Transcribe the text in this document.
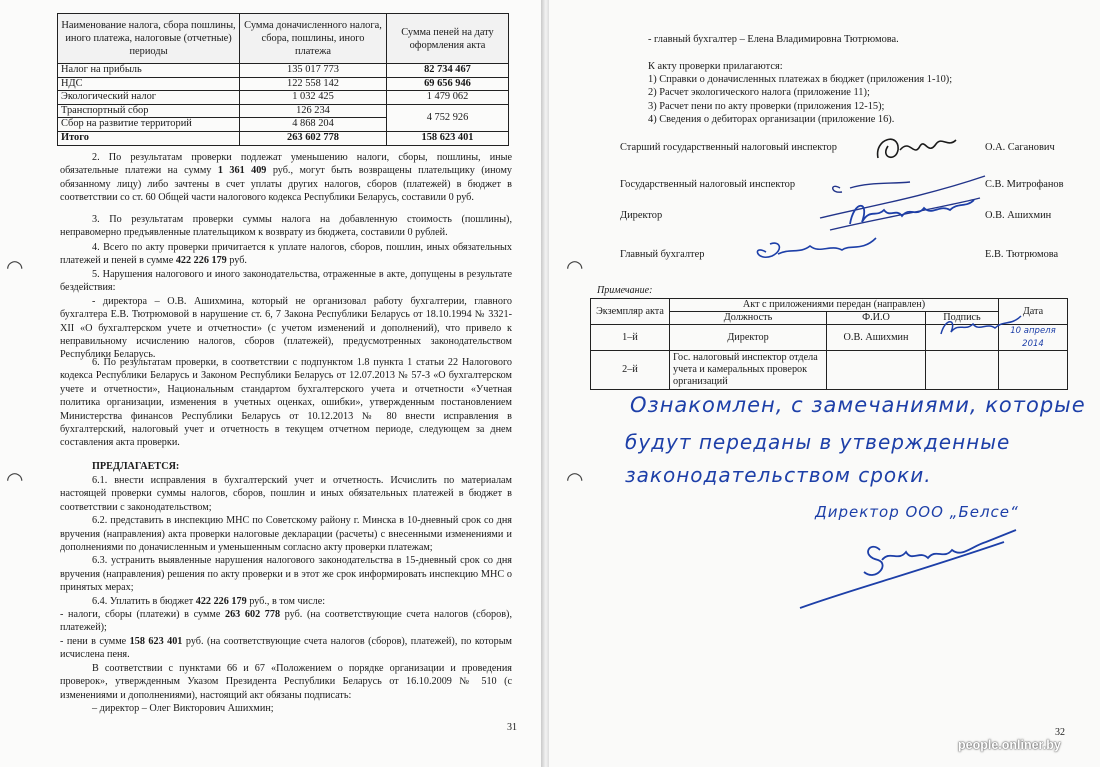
◠
◠
◠
◠
Наименование налога, сбора пошлины, иного платежа, налоговые (отчетные) периоды	Сумма доначисленного налога, сбора, пошлины, иного платежа	Сумма пеней на дату оформления акта
Налог на прибыль	135 017 773	82 734 467
НДС	122 558 142	69 656 946
Экологический налог	1 032 425	1 479 062
Транспортный сбор	126 234	4 752 926
Сбор на развитие территорий	4 868 204	
Итого	263 602 778	158 623 401

2. По результатам проверки подлежат уменьшению налоги, сборы, пошлины, иные обязательные платежи на сумму 1 361 409 руб., могут быть возвращены плательщику (иному обязанному лицу) либо зачтены в счет уплаты других налогов, сборов (платежей) в бюджет в соответствии со ст. 60 Общей части налогового кодекса Республики Беларусь, составили 0 руб.

3. По результатам проверки суммы налога на добавленную стоимость (пошлины), неправомерно предъявленные плательщиком к возврату из бюджета, составили 0 рублей.

4. Всего по акту проверки причитается к уплате налогов, сборов, пошлин, иных обязательных платежей и пеней в сумме 422 226 179 руб.

5. Нарушения налогового и иного законодательства, отраженные в акте, допущены в результате бездействия:

- директора – О.В. Ашихмина, который не организовал работу бухгалтерии, главного бухгалтера Е.В. Тютрюмовой в нарушение ст. 6, 7 Закона Республики Беларусь от 18.10.1994 № 3321-XII «О бухгалтерском учете и отчетности» (с учетом изменений и дополнений), что привело к неправильному исчислению налогов, сборов (платежей), предусмотренных законодательством Республики Беларусь.

6. По результатам проверки, в соответствии с подпунктом 1.8 пункта 1 статьи 22 Налогового кодекса Республики Беларусь и Законом Республики Беларусь от 12.07.2013 № 57-З «О бухгалтерском учете и отчетности», Национальным стандартом бухгалтерского учета и отчетности «Учетная политика организации, изменения в учетных оценках, ошибки», утвержденным постановлением Министерства финансов Республики Беларусь от 10.12.2013 № 80 внести исправления в бухгалтерский, налоговый учет и отчетность в текущем отчетном периоде, следующем за днем составления акта проверки.

ПРЕДЛАГАЕТСЯ:

6.1. внести исправления в бухгалтерский учет и отчетность. Исчислить по материалам настоящей проверки суммы налогов, сборов, пошлин и иных обязательных платежей в бюджет в соответствии с законодательством;

6.2. представить в инспекцию МНС по Советскому району г. Минска в 10-дневный срок со дня вручения (направления) акта проверки налоговые декларации (расчеты) с внесенными изменениями и дополнениями по доначисленным и уменьшенным согласно акту проверки платежам;

6.3. устранить выявленные нарушения налогового законодательства в 15-дневный срок со дня вручения (направления) решения по акту проверки и в этот же срок информировать инспекцию МНС о принятых мерах;

6.4. Уплатить в бюджет 422 226 179 руб., в том числе:

- налоги, сборы (платежи) в сумме 263 602 778 руб. (на соответствующие счета налогов (сборов), платежей);

- пени в сумме 158 623 401 руб. (на соответствующие счета налогов (сборов), платежей), по которым исчислена пеня.

В соответствии с пунктами 66 и 67 «Положением о порядке организации и проведения проверок», утвержденным Указом Президента Республики Беларусь от 16.10.2009 № 510 (с изменениями и дополнениями), настоящий акт обязаны подписать:

– директор – Олег Викторович Ашихмин;

31
- главный бухгалтер – Елена Владимировна Тютрюмова.
К акту проверки прилагаются:
1) Справки о доначисленных платежах в бюджет (приложения 1-10);
2) Расчет экологического налога (приложение 11);
3) Расчет пени по акту проверки (приложения 12-15);
4) Сведения о дебиторах организации (приложение 16).
Старший государственный налоговый инспектор	О.А. Саганович
Государственный налоговый инспектор	С.В. Митрофанов
Директор	О.В. Ашихмин
Главный бухгалтер	Е.В. Тютрюмова
Примечание:
Экземпляр акта	Акт с приложениями передан (направлен)			Дата
	Должность	Ф.И.О	Подпись	
1–й	Директор	О.В. Ашихмин		10 апреля 2014
2–й	Гос. налоговый инспектор отдела учета и камеральных проверок организаций			
Ознакомлен, с замечаниями, которые
будут переданы в утвержденные
законодательством сроки.
Директор ООО „Белсе“
32
people.onliner.by
